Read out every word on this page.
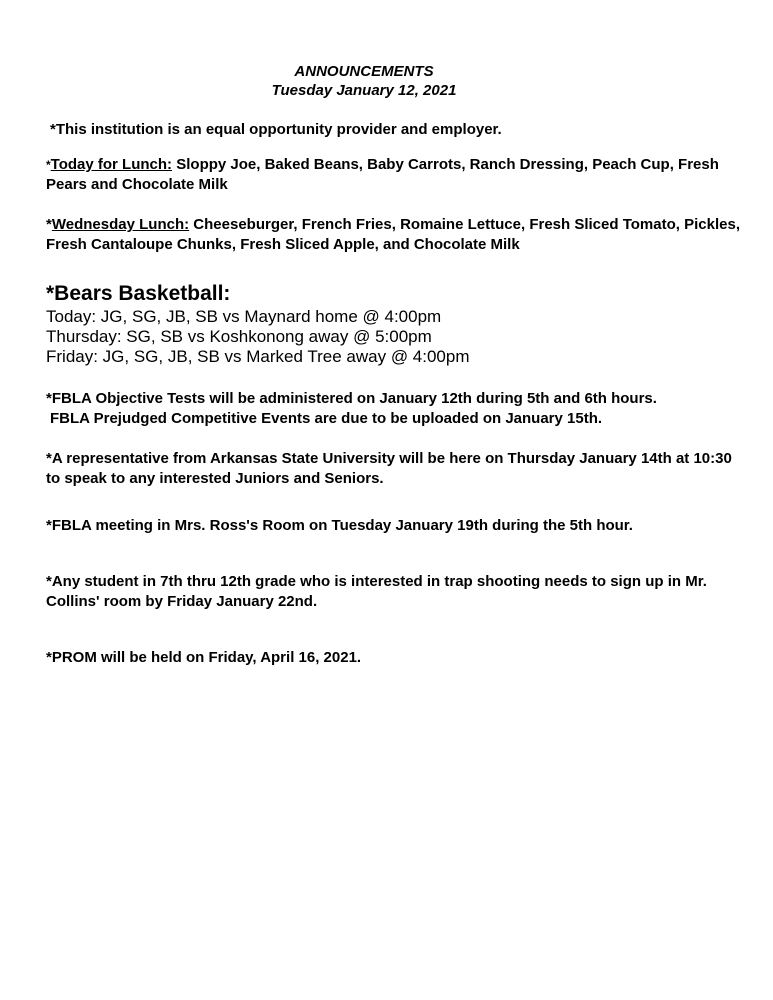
ANNOUNCEMENTS
Tuesday January 12, 2021
*This institution is an equal opportunity provider and employer.
*Today for Lunch: Sloppy Joe, Baked Beans, Baby Carrots, Ranch Dressing, Peach Cup, Fresh Pears and Chocolate Milk
*Wednesday Lunch: Cheeseburger, French Fries, Romaine Lettuce, Fresh Sliced Tomato, Pickles, Fresh Cantaloupe Chunks, Fresh Sliced Apple, and Chocolate Milk
*Bears Basketball:
Today: JG, SG, JB, SB vs Maynard home @ 4:00pm
Thursday: SG, SB vs Koshkonong away @ 5:00pm
Friday: JG, SG, JB, SB vs Marked Tree away @ 4:00pm
*FBLA Objective Tests will be administered on January 12th during 5th and 6th hours.
FBLA Prejudged Competitive Events are due to be uploaded on January 15th.
*A representative from Arkansas State University will be here on Thursday January 14th at 10:30 to speak to any interested Juniors and Seniors.
*FBLA meeting in Mrs. Ross's Room on Tuesday January 19th during the 5th hour.
*Any student in 7th thru 12th grade who is interested in trap shooting needs to sign up in Mr. Collins' room by Friday January 22nd.
*PROM will be held on Friday, April 16, 2021.
